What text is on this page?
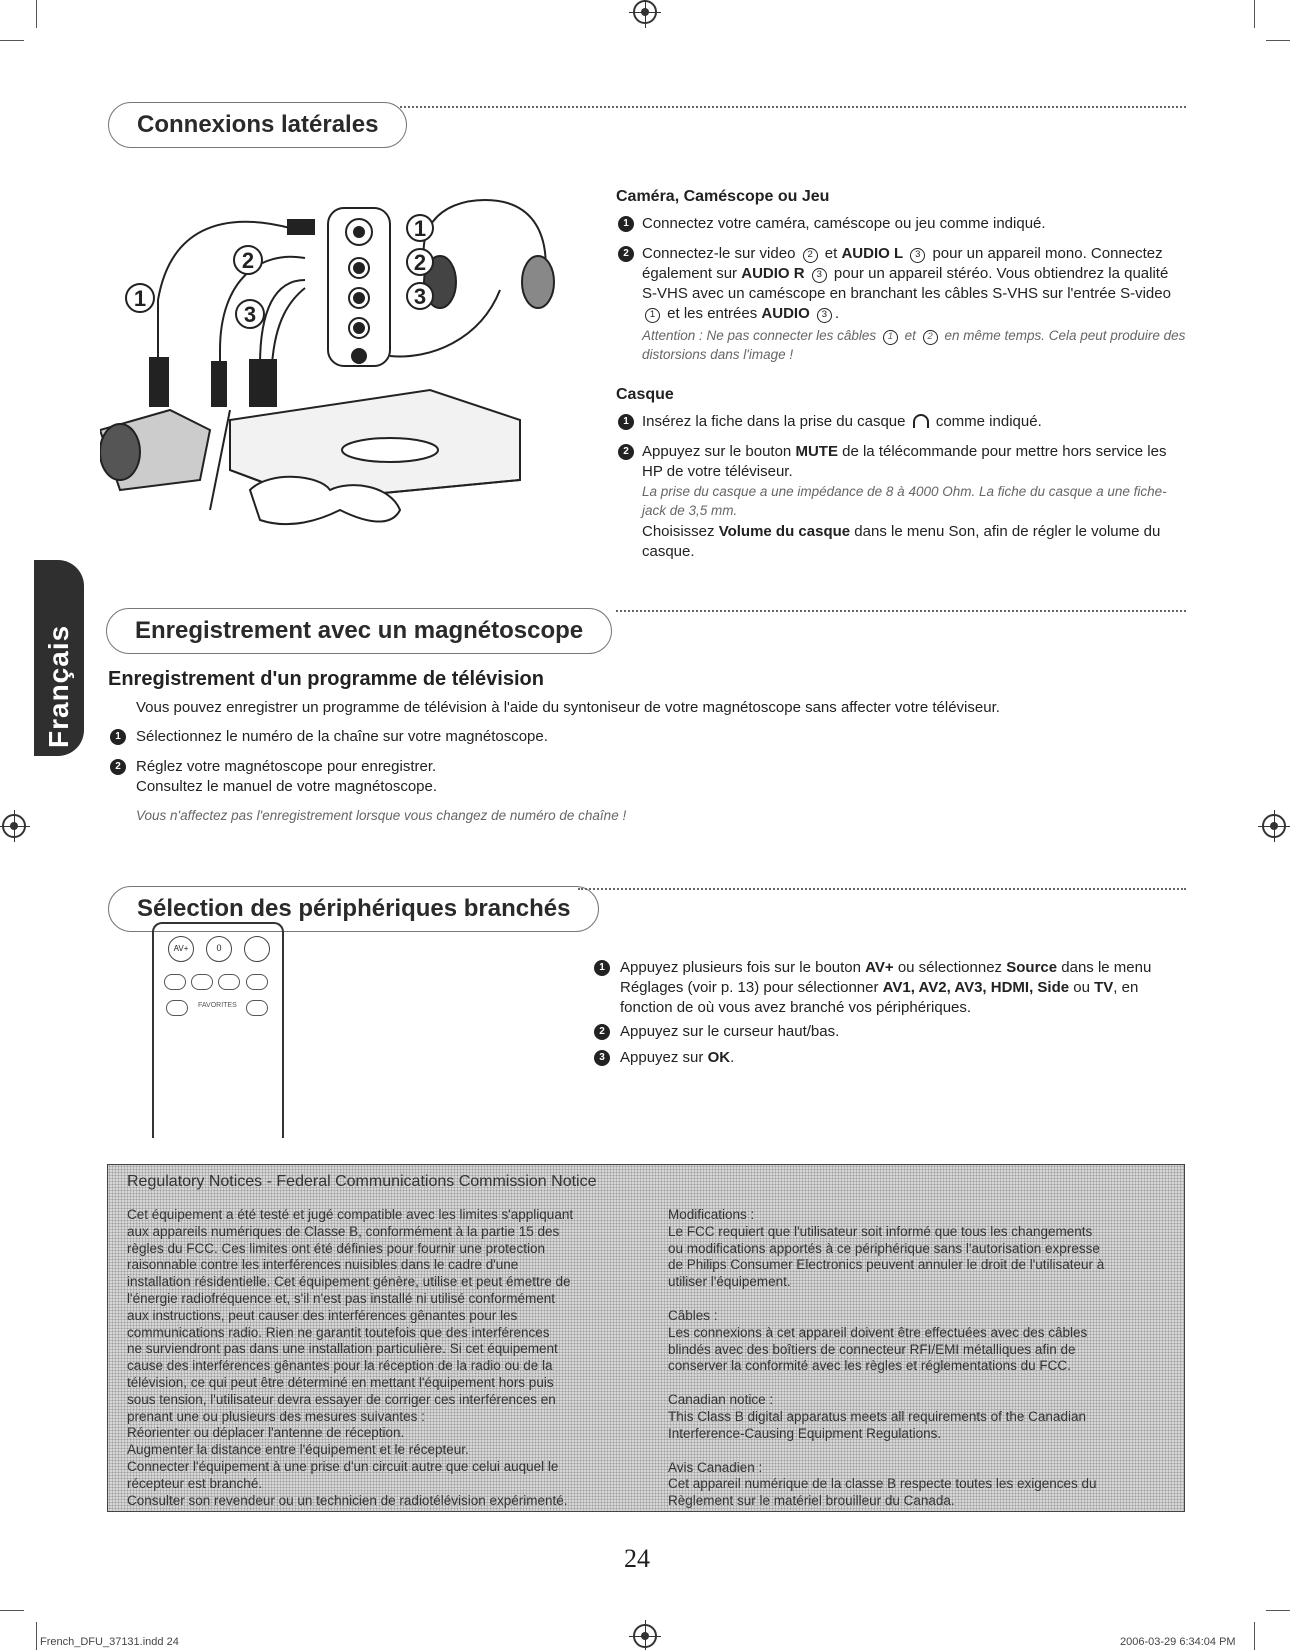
Français
Connexions latérales
1
2
3
1
2
3
Caméra, Caméscope ou Jeu
1 Connectez votre caméra, caméscope ou jeu comme indiqué.
2 Connectez-le sur video 2 et AUDIO L 3 pour un appareil mono. Connectez également sur AUDIO R 3 pour un appareil stéréo. Vous obtiendrez la qualité S-VHS avec un caméscope en branchant les câbles S-VHS sur l'entrée S-video 1 et les entrées AUDIO 3 .
Attention : Ne pas connecter les câbles 1 et 2 en même temps. Cela peut produire des distorsions dans l'image !
Casque
1 Insérez la fiche dans la prise du casque comme indiqué.
2 Appuyez sur le bouton MUTE de la télécommande pour mettre hors service les HP de votre téléviseur.
La prise du casque a une impédance de 8 à 4000 Ohm. La fiche du casque a une fiche-jack de 3,5 mm.
Choisissez Volume du casque dans le menu Son, afin de régler le volume du casque.
Enregistrement avec un magnétoscope
Enregistrement d'un programme de télévision
Vous pouvez enregistrer un programme de télévision à l'aide du syntoniseur de votre magnétoscope sans affecter votre téléviseur.
1	Sélectionnez le numéro de la chaîne sur votre magnétoscope.
2	Réglez votre magnétoscope pour enregistrer.
Consultez le manuel de votre magnétoscope.
Vous n'affectez pas l'enregistrement lorsque vous changez de numéro de chaîne !
Sélection des périphériques branchés
AV+	0
FAVORITES
1	Appuyez plusieurs fois sur le bouton AV+ ou sélectionnez Source dans le menu Réglages (voir p. 13) pour sélectionner AV1, AV2, AV3, HDMI, Side ou TV, en fonction de où vous avez branché vos périphériques.
2	Appuyez sur le curseur haut/bas.
3	Appuyez sur OK.
Regulatory Notices - Federal Communications Commission Notice

Cet équipement a été testé et jugé compatible avec les limites s'appliquant

aux appareils numériques de Classe B, conformément à la partie 15 des

règles du FCC. Ces limites ont été définies pour fournir une protection

raisonnable contre les interférences nuisibles dans le cadre d'une

installation résidentielle. Cet équipement génère, utilise et peut émettre de

l'énergie radiofréquence et, s'il n'est pas installé ni utilisé conformément

aux instructions, peut causer des interférences gênantes pour les

communications radio. Rien ne garantit toutefois que des interférences

ne surviendront pas dans une installation particulière. Si cet équipement

cause des interférences gênantes pour la réception de la radio ou de la

télévision, ce qui peut être déterminé en mettant l'équipement hors puis

sous tension, l'utilisateur devra essayer de corriger ces interférences en

prenant une ou plusieurs des mesures suivantes :

Réorienter ou déplacer l'antenne de réception.

Augmenter la distance entre l'équipement et le récepteur.

Connecter l'équipement à une prise d'un circuit autre que celui auquel le

récepteur est branché.

Consulter son revendeur ou un technicien de radiotélévision expérimenté.

Modifications :

Le FCC requiert que l'utilisateur soit informé que tous les changements

ou modifications apportés à ce périphérique sans l'autorisation expresse

de Philips Consumer Electronics peuvent annuler le droit de l'utilisateur à

utiliser l'équipement.

Câbles :

Les connexions à cet appareil doivent être effectuées avec des câbles

blindés avec des boîtiers de connecteur RFI/EMI métalliques afin de

conserver la conformité avec les règles et réglementations du FCC.

Canadian notice :

This Class B digital apparatus meets all requirements of the Canadian

Interference-Causing Equipment Regulations.

Avis Canadien :

Cet appareil numérique de la classe B respecte toutes les exigences du

Règlement sur le matériel brouilleur du Canada.

24
French_DFU_37131.indd 24	2006-03-29 6:34:04 PM
